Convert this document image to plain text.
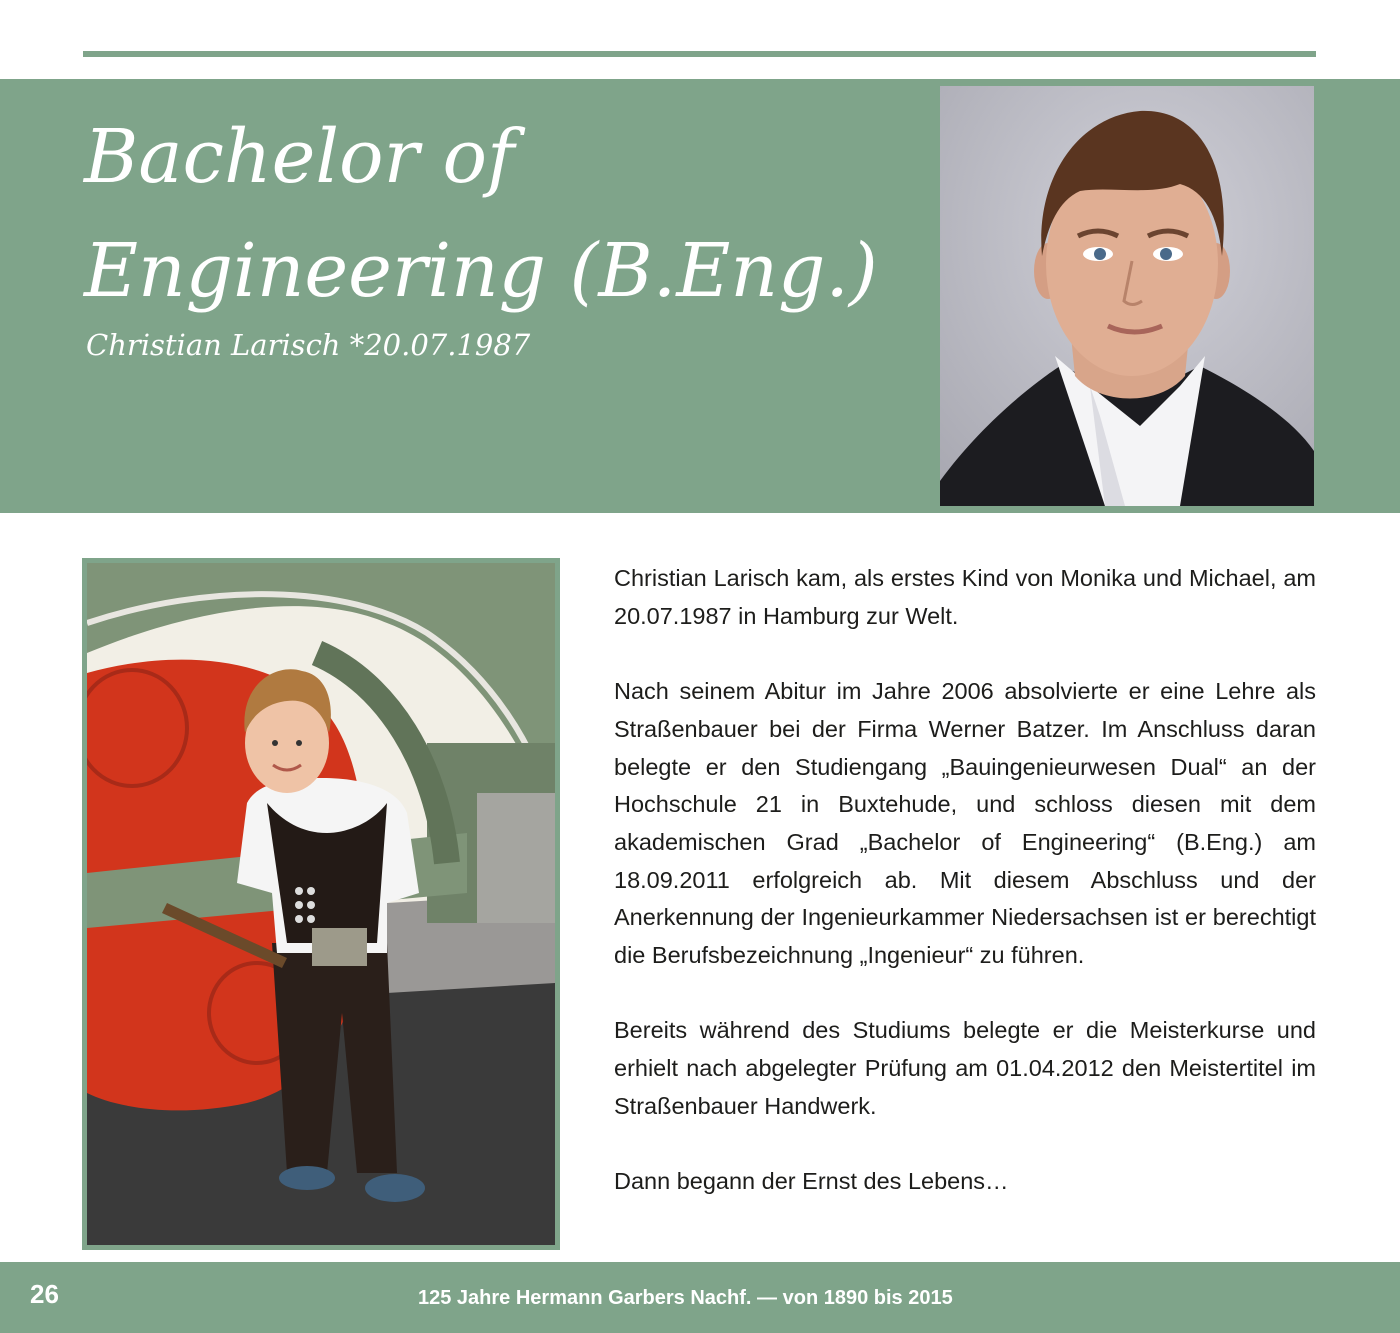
Bachelor of Engineering (B.Eng.)
Christian Larisch *20.07.1987

Christian Larisch kam, als erstes Kind von Monika und Michael, am 20.07.1987 in Hamburg zur Welt.

Nach seinem Abitur im Jahre 2006 absolvierte er eine Lehre als Straßenbauer bei der Firma Werner Batzer. Im Anschluss daran belegte er den Studiengang „Bauingenieurwesen Dual“ an der Hochschule 21 in Buxtehude, und schloss diesen mit dem akademischen Grad „Bachelor of Engineering“ (B.Eng.) am 18.09.2011 erfolgreich ab. Mit diesem Abschluss und der Anerkennung der Ingenieurkammer Niedersachsen ist er berechtigt die Berufsbezeichnung „Ingenieur“ zu führen.

Bereits während des Studiums belegte er die Meisterkurse und erhielt nach abgelegter Prüfung am 01.04.2012 den Meistertitel im Straßenbauer Handwerk.

Dann begann der Ernst des Lebens…

26	125 Jahre Hermann Garbers Nachf. — von 1890 bis 2015
